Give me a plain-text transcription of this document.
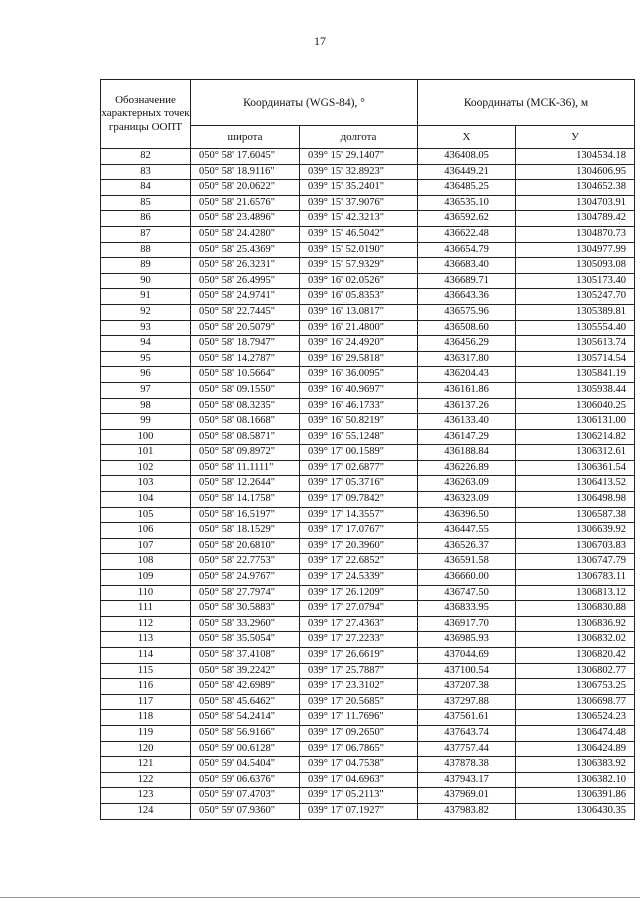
17
Обозначение характерных точек границы ООПТ	Координаты (WGS-84), °		Координаты (МСК-36), м	
	широта	долгота	X	У
82	050° 58' 17.6045"	039° 15' 29.1407"	436408.05	1304534.18
83	050° 58' 18.9116"	039° 15' 32.8923"	436449.21	1304606.95
84	050° 58' 20.0622"	039° 15' 35.2401"	436485.25	1304652.38
85	050° 58' 21.6576"	039° 15' 37.9076"	436535.10	1304703.91
86	050° 58' 23.4896"	039° 15' 42.3213"	436592.62	1304789.42
87	050° 58' 24.4280"	039° 15' 46.5042"	436622.48	1304870.73
88	050° 58' 25.4369"	039° 15' 52.0190"	436654.79	1304977.99
89	050° 58' 26.3231"	039° 15' 57.9329"	436683.40	1305093.08
90	050° 58' 26.4995"	039° 16' 02.0526"	436689.71	1305173.40
91	050° 58' 24.9741"	039° 16' 05.8353"	436643.36	1305247.70
92	050° 58' 22.7445"	039° 16' 13.0817"	436575.96	1305389.81
93	050° 58' 20.5079"	039° 16' 21.4800"	436508.60	1305554.40
94	050° 58' 18.7947"	039° 16' 24.4920"	436456.29	1305613.74
95	050° 58' 14.2787"	039° 16' 29.5818"	436317.80	1305714.54
96	050° 58' 10.5664"	039° 16' 36.0095"	436204.43	1305841.19
97	050° 58' 09.1550"	039° 16' 40.9697"	436161.86	1305938.44
98	050° 58' 08.3235"	039° 16' 46.1733"	436137.26	1306040.25
99	050° 58' 08.1668"	039° 16' 50.8219"	436133.40	1306131.00
100	050° 58' 08.5871"	039° 16' 55.1248"	436147.29	1306214.82
101	050° 58' 09.8972"	039° 17' 00.1589"	436188.84	1306312.61
102	050° 58' 11.1111"	039° 17' 02.6877"	436226.89	1306361.54
103	050° 58' 12.2644"	039° 17' 05.3716"	436263.09	1306413.52
104	050° 58' 14.1758"	039° 17' 09.7842"	436323.09	1306498.98
105	050° 58' 16.5197"	039° 17' 14.3557"	436396.50	1306587.38
106	050° 58' 18.1529"	039° 17' 17.0767"	436447.55	1306639.92
107	050° 58' 20.6810"	039° 17' 20.3960"	436526.37	1306703.83
108	050° 58' 22.7753"	039° 17' 22.6852"	436591.58	1306747.79
109	050° 58' 24.9767"	039° 17' 24.5339"	436660.00	1306783.11
110	050° 58' 27.7974"	039° 17' 26.1209"	436747.50	1306813.12
111	050° 58' 30.5883"	039° 17' 27.0794"	436833.95	1306830.88
112	050° 58' 33.2960"	039° 17' 27.4363"	436917.70	1306836.92
113	050° 58' 35.5054"	039° 17' 27.2233"	436985.93	1306832.02
114	050° 58' 37.4108"	039° 17' 26.6619"	437044.69	1306820.42
115	050° 58' 39.2242"	039° 17' 25.7887"	437100.54	1306802.77
116	050° 58' 42.6989"	039° 17' 23.3102"	437207.38	1306753.25
117	050° 58' 45.6462"	039° 17' 20.5685"	437297.88	1306698.77
118	050° 58' 54.2414"	039° 17' 11.7696"	437561.61	1306524.23
119	050° 58' 56.9166"	039° 17' 09.2650"	437643.74	1306474.48
120	050° 59' 00.6128"	039° 17' 06.7865"	437757.44	1306424.89
121	050° 59' 04.5404"	039° 17' 04.7538"	437878.38	1306383.92
122	050° 59' 06.6376"	039° 17' 04.6963"	437943.17	1306382.10
123	050° 59' 07.4703"	039° 17' 05.2113"	437969.01	1306391.86
124	050° 59' 07.9360"	039° 17' 07.1927"	437983.82	1306430.35
